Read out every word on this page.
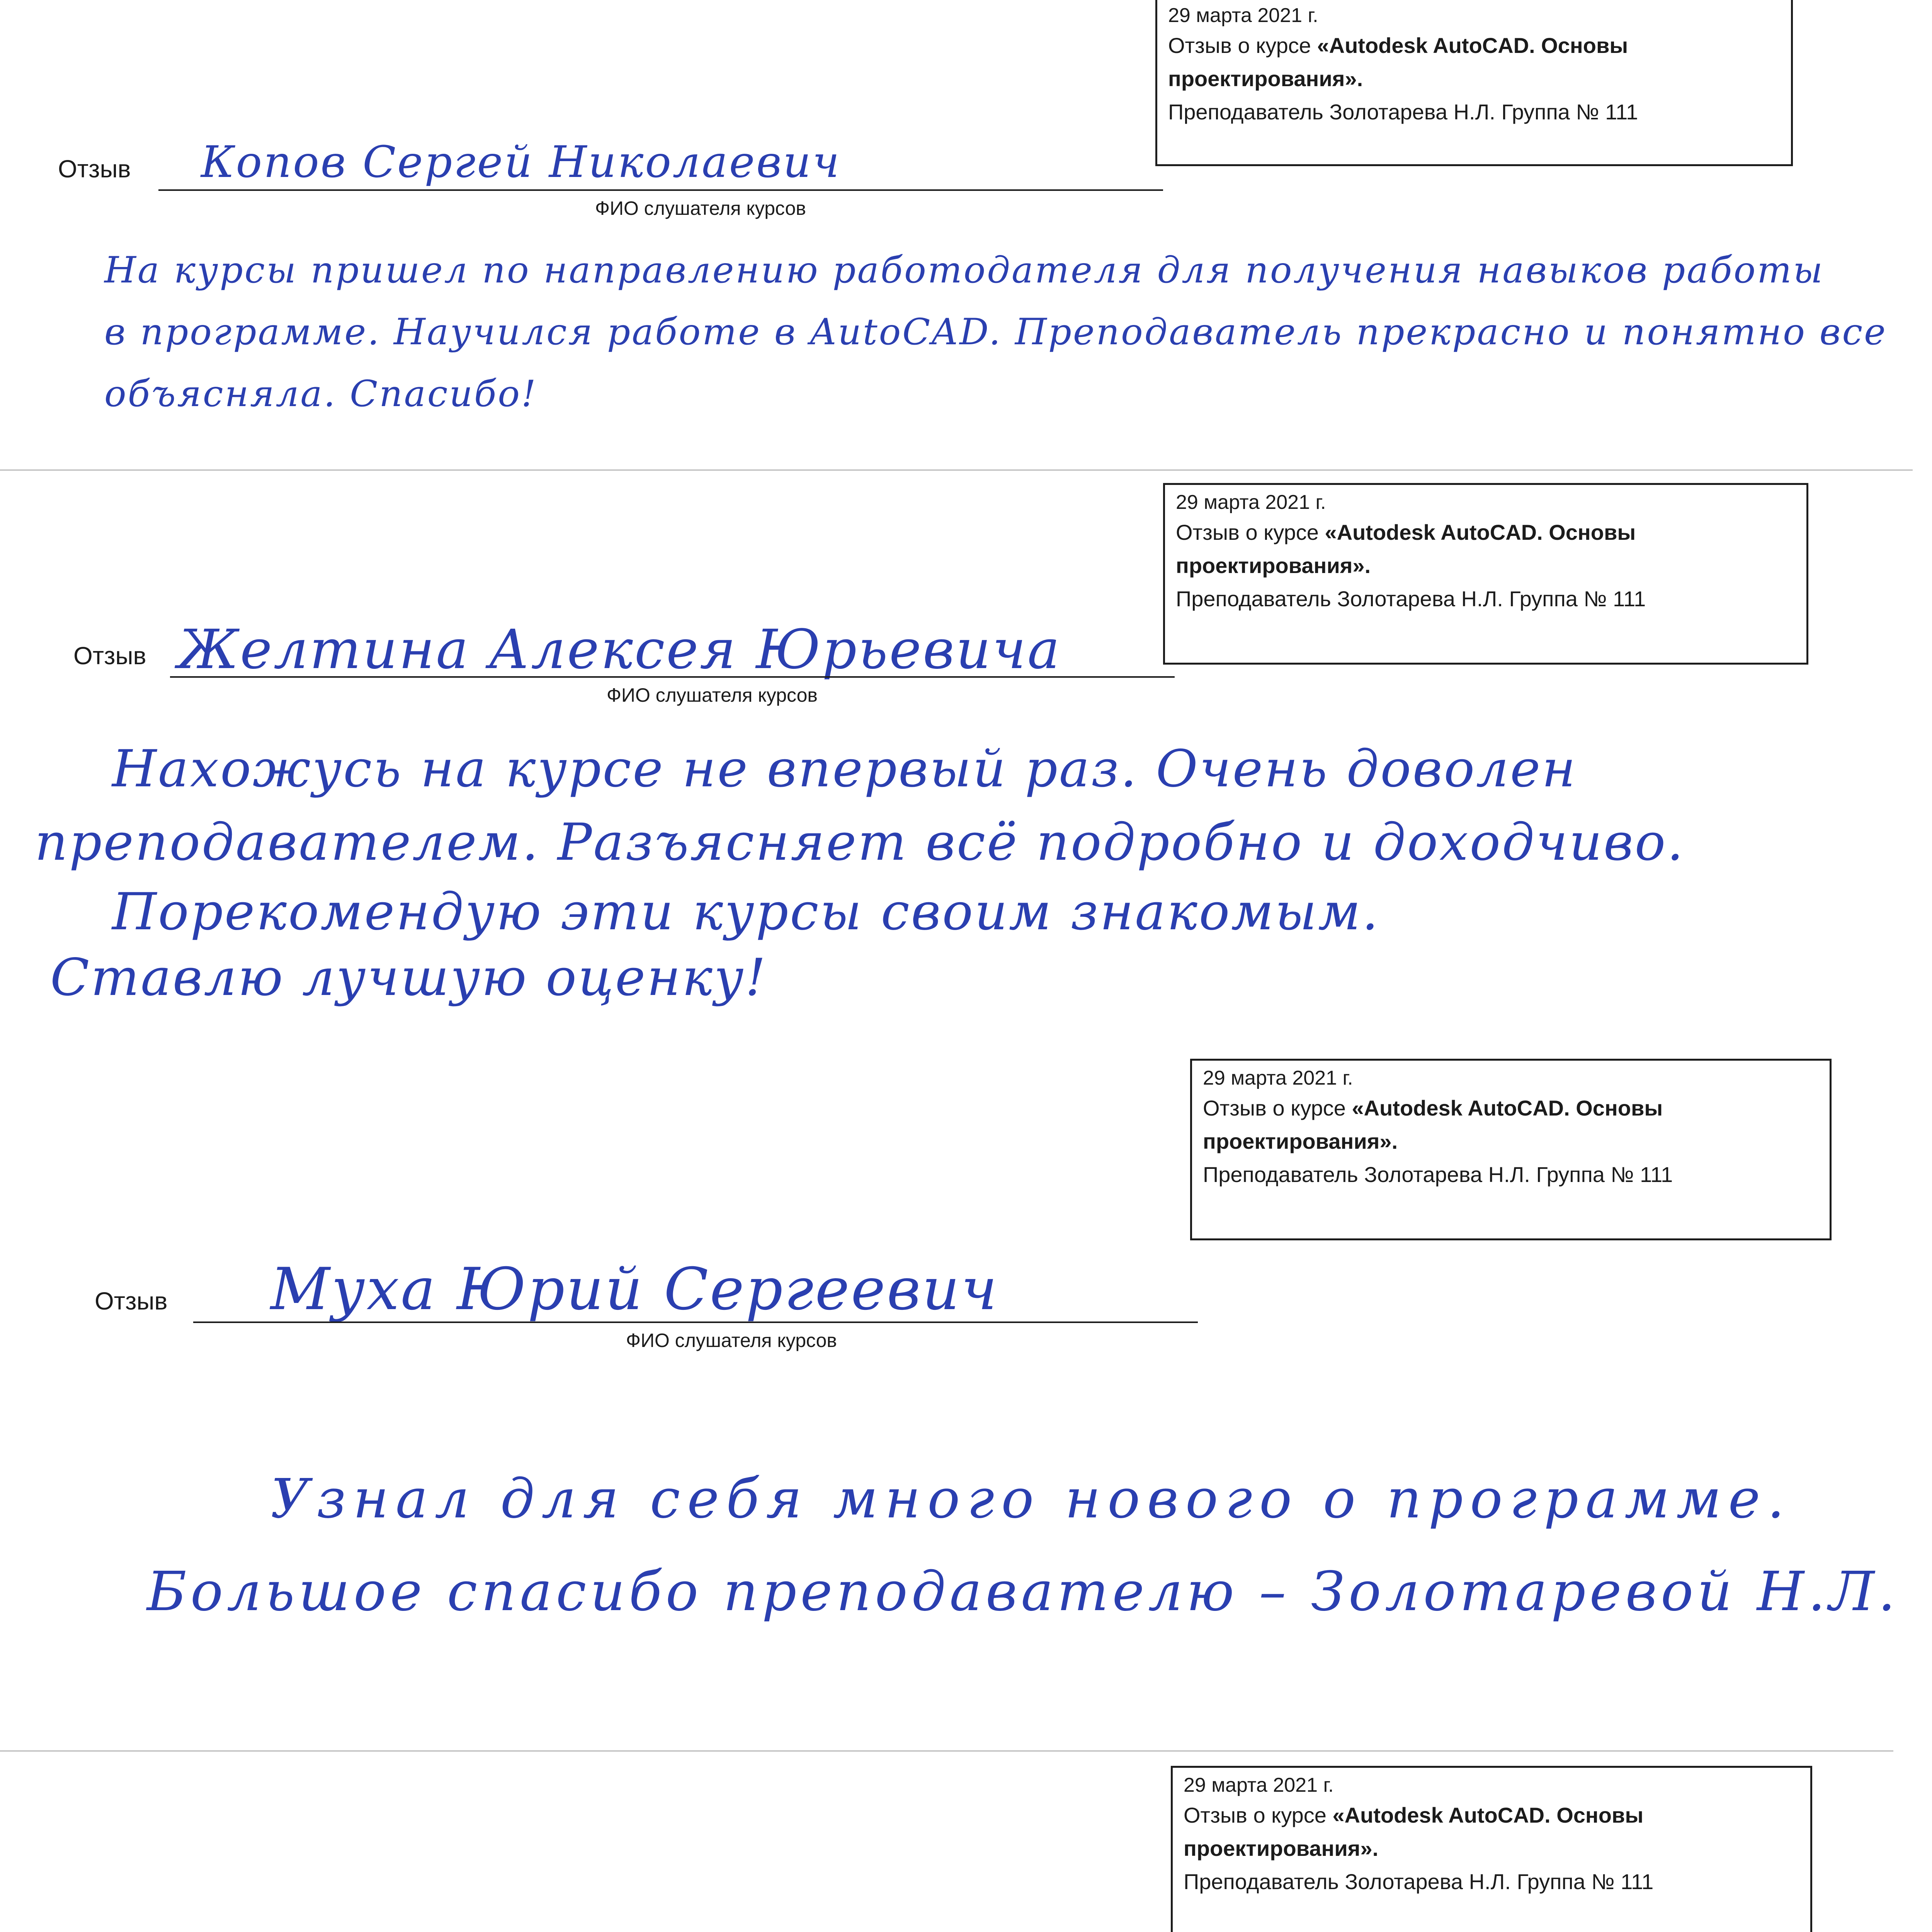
29 марта 2021 г.
Отзыв о курсе «Autodesk AutoCAD. Основы
проектирования».
Преподаватель Золотарева Н.Л. Группа № 111
Отзыв Копов Сергей Николаевич
ФИО слушателя курсов
На курсы пришел по направлению работодателя для получения навыков работы
в программе. Научился работе в AutoCAD. Преподаватель прекрасно и понятно все
объясняла. Спасибо!
29 марта 2021 г.
Отзыв о курсе «Autodesk AutoCAD. Основы
проектирования».
Преподаватель Золотарева Н.Л. Группа № 111
Отзыв Желтина Алексея Юрьевича
ФИО слушателя курсов
Нахожусь на курсе не впервый раз. Очень доволен
преподавателем. Разъясняет всё подробно и доходчиво.
Порекомендую эти курсы своим знакомым.
Ставлю лучшую оценку!
29 марта 2021 г.
Отзыв о курсе «Autodesk AutoCAD. Основы
проектирования».
Преподаватель Золотарева Н.Л. Группа № 111
Отзыв Муха Юрий Сергеевич
ФИО слушателя курсов
Узнал для себя много нового о программе.
Большое спасибо преподавателю – Золотаревой Н.Л.
29 марта 2021 г.
Отзыв о курсе «Autodesk AutoCAD. Основы
проектирования».
Преподаватель Золотарева Н.Л. Группа № 111
